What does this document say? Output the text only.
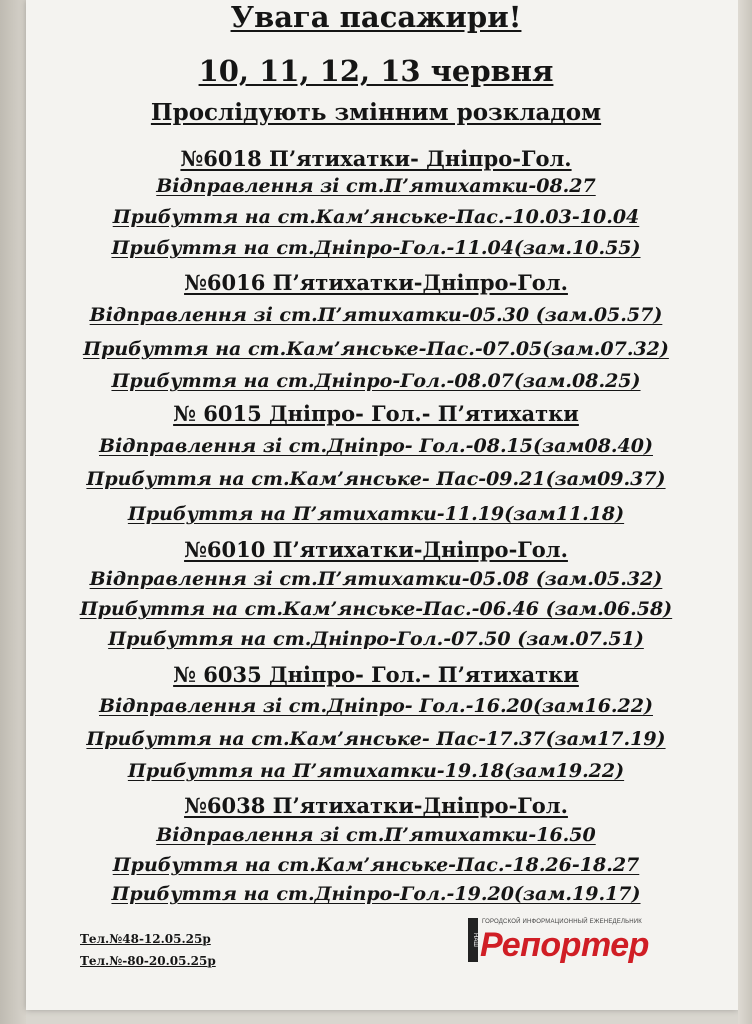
Увага пасажири!
10, 11, 12, 13 червня
Прослідують змінним розкладом
№6018 П’ятихатки- Дніпро-Гол.
Відправлення зі ст.П’ятихатки-08.27
Прибуття на ст.Кам’янське-Пас.-10.03-10.04
Прибуття на ст.Дніпро-Гол.-11.04(зам.10.55)
№6016 П’ятихатки-Дніпро-Гол.
Відправлення зі ст.П’ятихатки-05.30 (зам.05.57)
Прибуття на ст.Кам’янське-Пас.-07.05(зам.07.32)
Прибуття на ст.Дніпро-Гол.-08.07(зам.08.25)
№ 6015 Дніпро- Гол.- П’ятихатки
Відправлення зі ст.Дніпро- Гол.-08.15(зам08.40)
Прибуття на ст.Кам’янське- Пас-09.21(зам09.37)
Прибуття на П’ятихатки-11.19(зам11.18)
№6010 П’ятихатки-Дніпро-Гол.
Відправлення зі ст.П’ятихатки-05.08 (зам.05.32)
Прибуття на ст.Кам’янське-Пас.-06.46 (зам.06.58)
Прибуття на ст.Дніпро-Гол.-07.50 (зам.07.51)
№ 6035 Дніпро- Гол.- П’ятихатки
Відправлення зі ст.Дніпро- Гол.-16.20(зам16.22)
Прибуття на ст.Кам’янське- Пас-17.37(зам17.19)
Прибуття на П’ятихатки-19.18(зам19.22)
№6038 П’ятихатки-Дніпро-Гол.
Відправлення зі ст.П’ятихатки-16.50
Прибуття на ст.Кам’янське-Пас.-18.26-18.27
Прибуття на ст.Дніпро-Гол.-19.20(зам.19.17)
Тел.№48-12.05.25р
Тел.№-80-20.05.25р
НАШ
ГОРОДСКОЙ ИНФОРМАЦИОННЫЙ ЕЖЕНЕДЕЛЬНИК
Репортер
